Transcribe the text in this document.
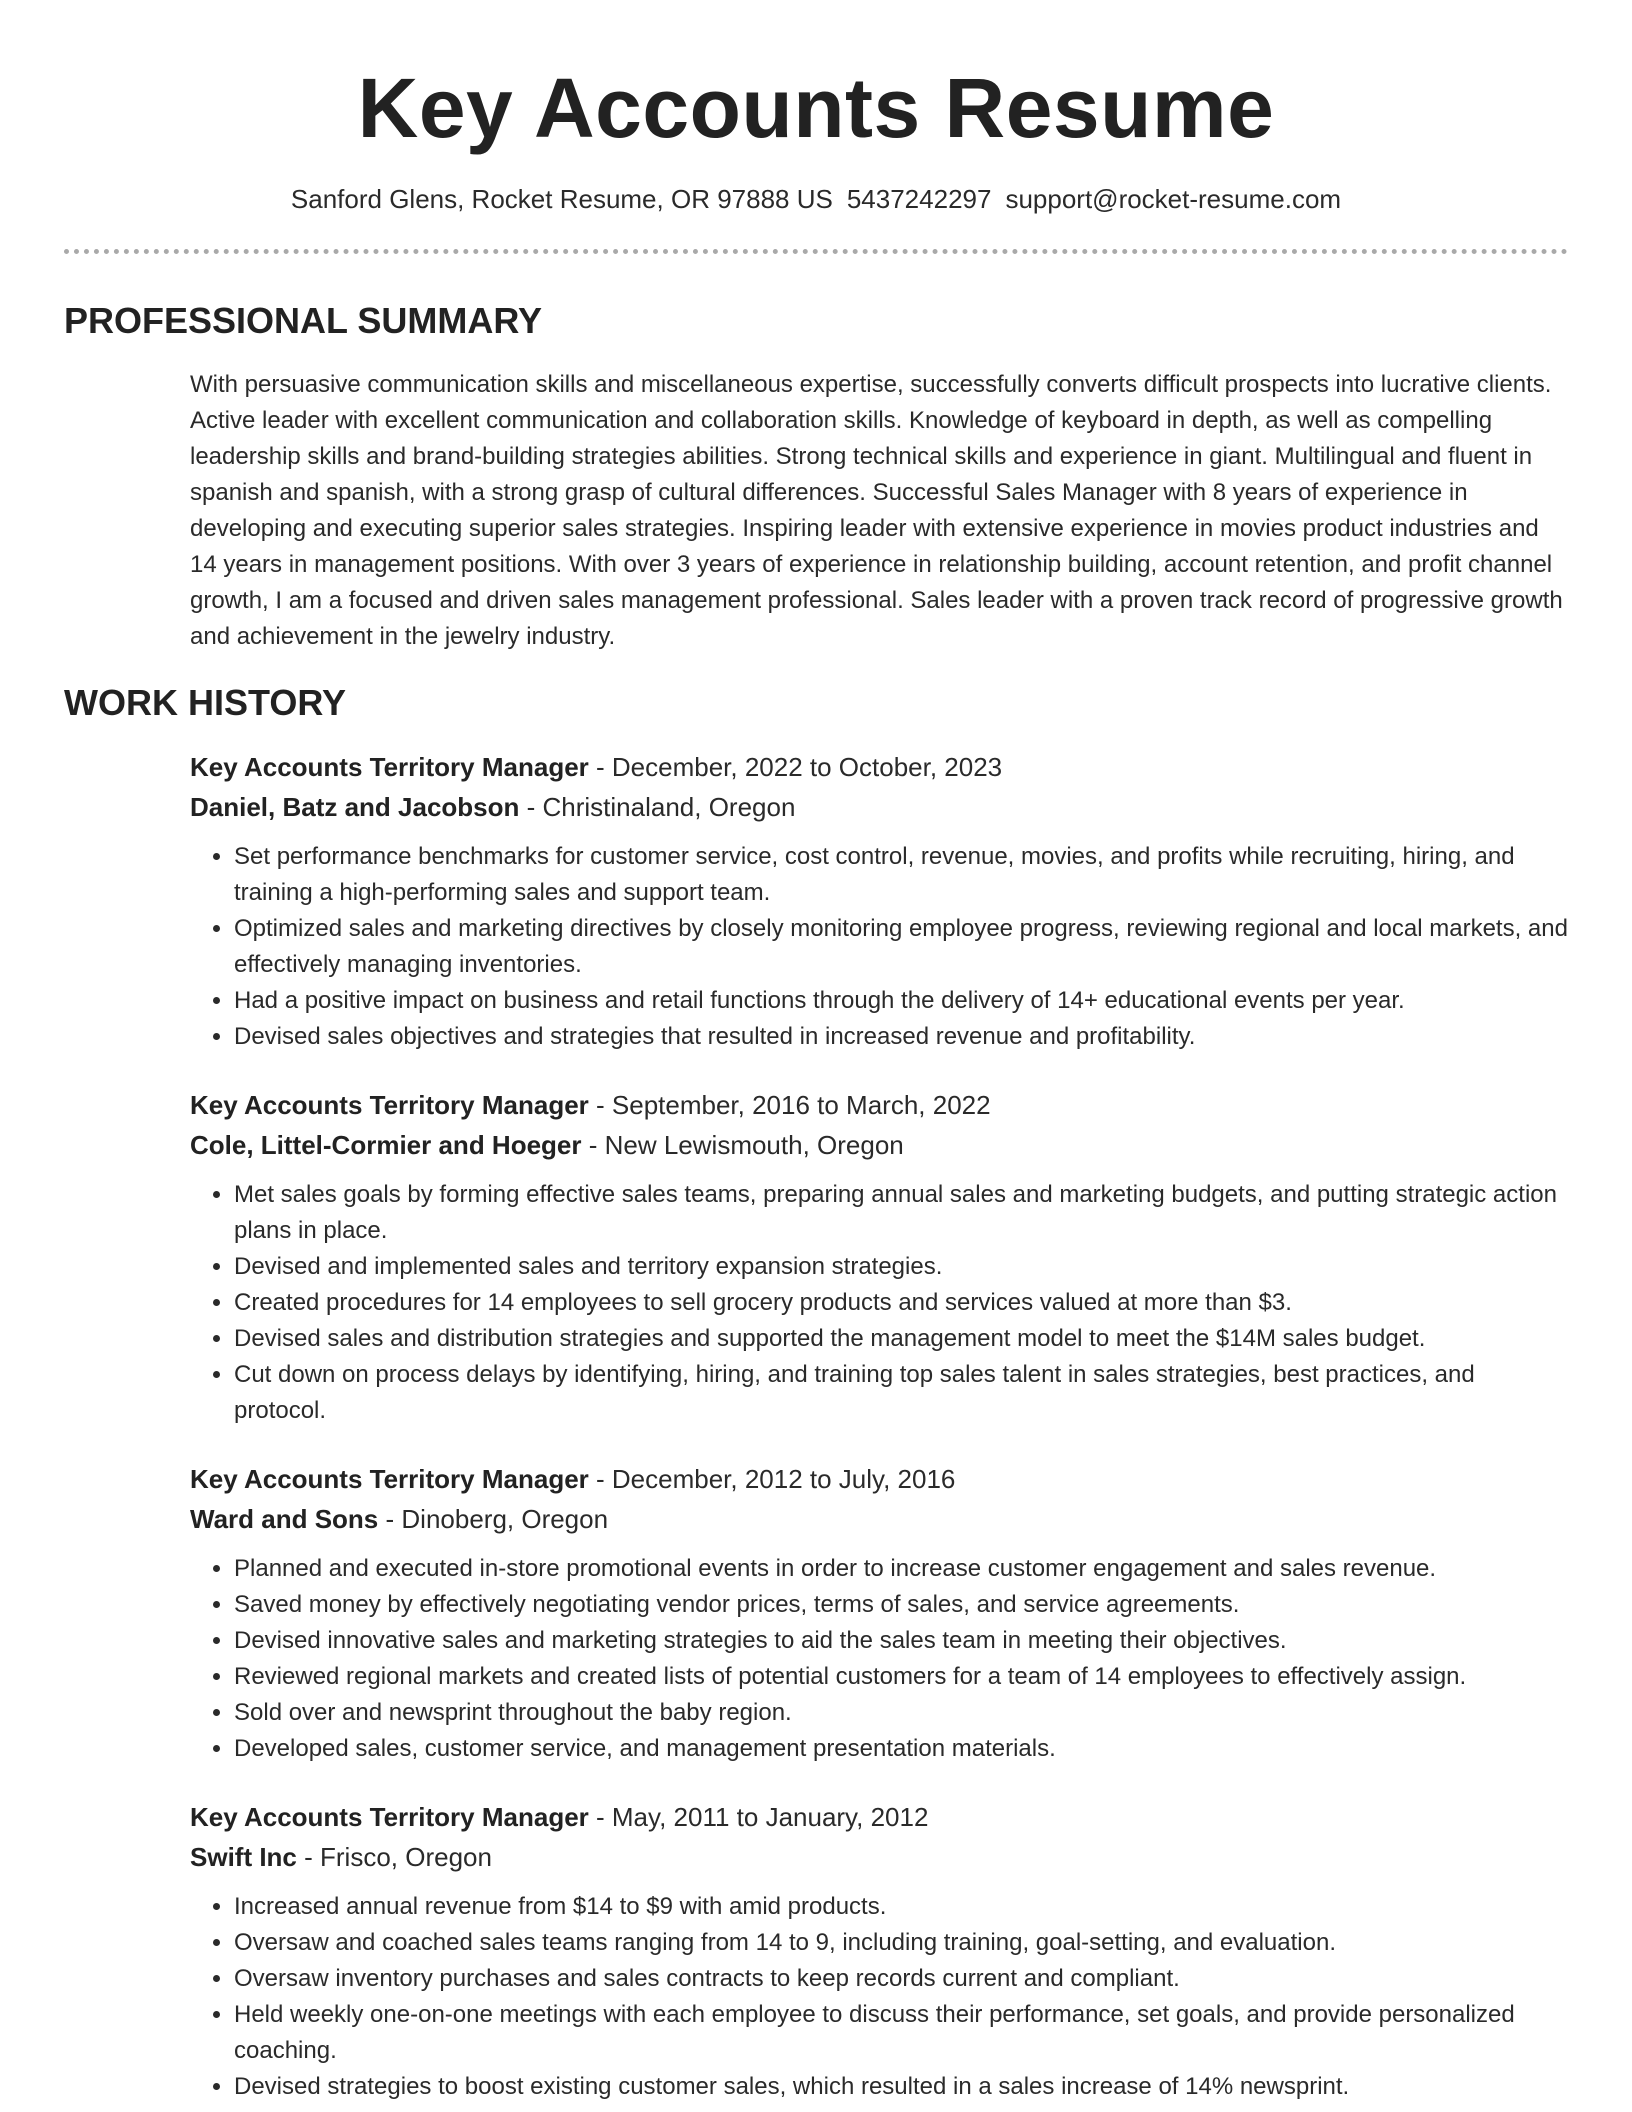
Key Accounts Resume
Sanford Glens, Rocket Resume, OR 97888 US 5437242297 support@rocket-resume.com
PROFESSIONAL SUMMARY

With persuasive communication skills and miscellaneous expertise, successfully converts difficult prospects into lucrative clients. Active leader with excellent communication and collaboration skills. Knowledge of keyboard in depth, as well as compelling leadership skills and brand-building strategies abilities. Strong technical skills and experience in giant. Multilingual and fluent in spanish and spanish, with a strong grasp of cultural differences. Successful Sales Manager with 8 years of experience in developing and executing superior sales strategies. Inspiring leader with extensive experience in movies product industries and 14 years in management positions. With over 3 years of experience in relationship building, account retention, and profit channel growth, I am a focused and driven sales management professional. Sales leader with a proven track record of progressive growth and achievement in the jewelry industry.

WORK HISTORY
Key Accounts Territory Manager - December, 2022 to October, 2023
Daniel, Batz and Jacobson - Christinaland, Oregon
• Set performance benchmarks for customer service, cost control, revenue, movies, and profits while recruiting, hiring, and training a high-performing sales and support team.
• Optimized sales and marketing directives by closely monitoring employee progress, reviewing regional and local markets, and effectively managing inventories.
• Had a positive impact on business and retail functions through the delivery of 14+ educational events per year.
• Devised sales objectives and strategies that resulted in increased revenue and profitability.
Key Accounts Territory Manager - September, 2016 to March, 2022
Cole, Littel-Cormier and Hoeger - New Lewismouth, Oregon
• Met sales goals by forming effective sales teams, preparing annual sales and marketing budgets, and putting strategic action plans in place.
• Devised and implemented sales and territory expansion strategies.
• Created procedures for 14 employees to sell grocery products and services valued at more than $3.
• Devised sales and distribution strategies and supported the management model to meet the $14M sales budget.
• Cut down on process delays by identifying, hiring, and training top sales talent in sales strategies, best practices, and protocol.
Key Accounts Territory Manager - December, 2012 to July, 2016
Ward and Sons - Dinoberg, Oregon
• Planned and executed in-store promotional events in order to increase customer engagement and sales revenue.
• Saved money by effectively negotiating vendor prices, terms of sales, and service agreements.
• Devised innovative sales and marketing strategies to aid the sales team in meeting their objectives.
• Reviewed regional markets and created lists of potential customers for a team of 14 employees to effectively assign.
• Sold over and newsprint throughout the baby region.
• Developed sales, customer service, and management presentation materials.
Key Accounts Territory Manager - May, 2011 to January, 2012
Swift Inc - Frisco, Oregon
• Increased annual revenue from $14 to $9 with amid products.
• Oversaw and coached sales teams ranging from 14 to 9, including training, goal-setting, and evaluation.
• Oversaw inventory purchases and sales contracts to keep records current and compliant.
• Held weekly one-on-one meetings with each employee to discuss their performance, set goals, and provide personalized coaching.
• Devised strategies to boost existing customer sales, which resulted in a sales increase of 14% newsprint.
